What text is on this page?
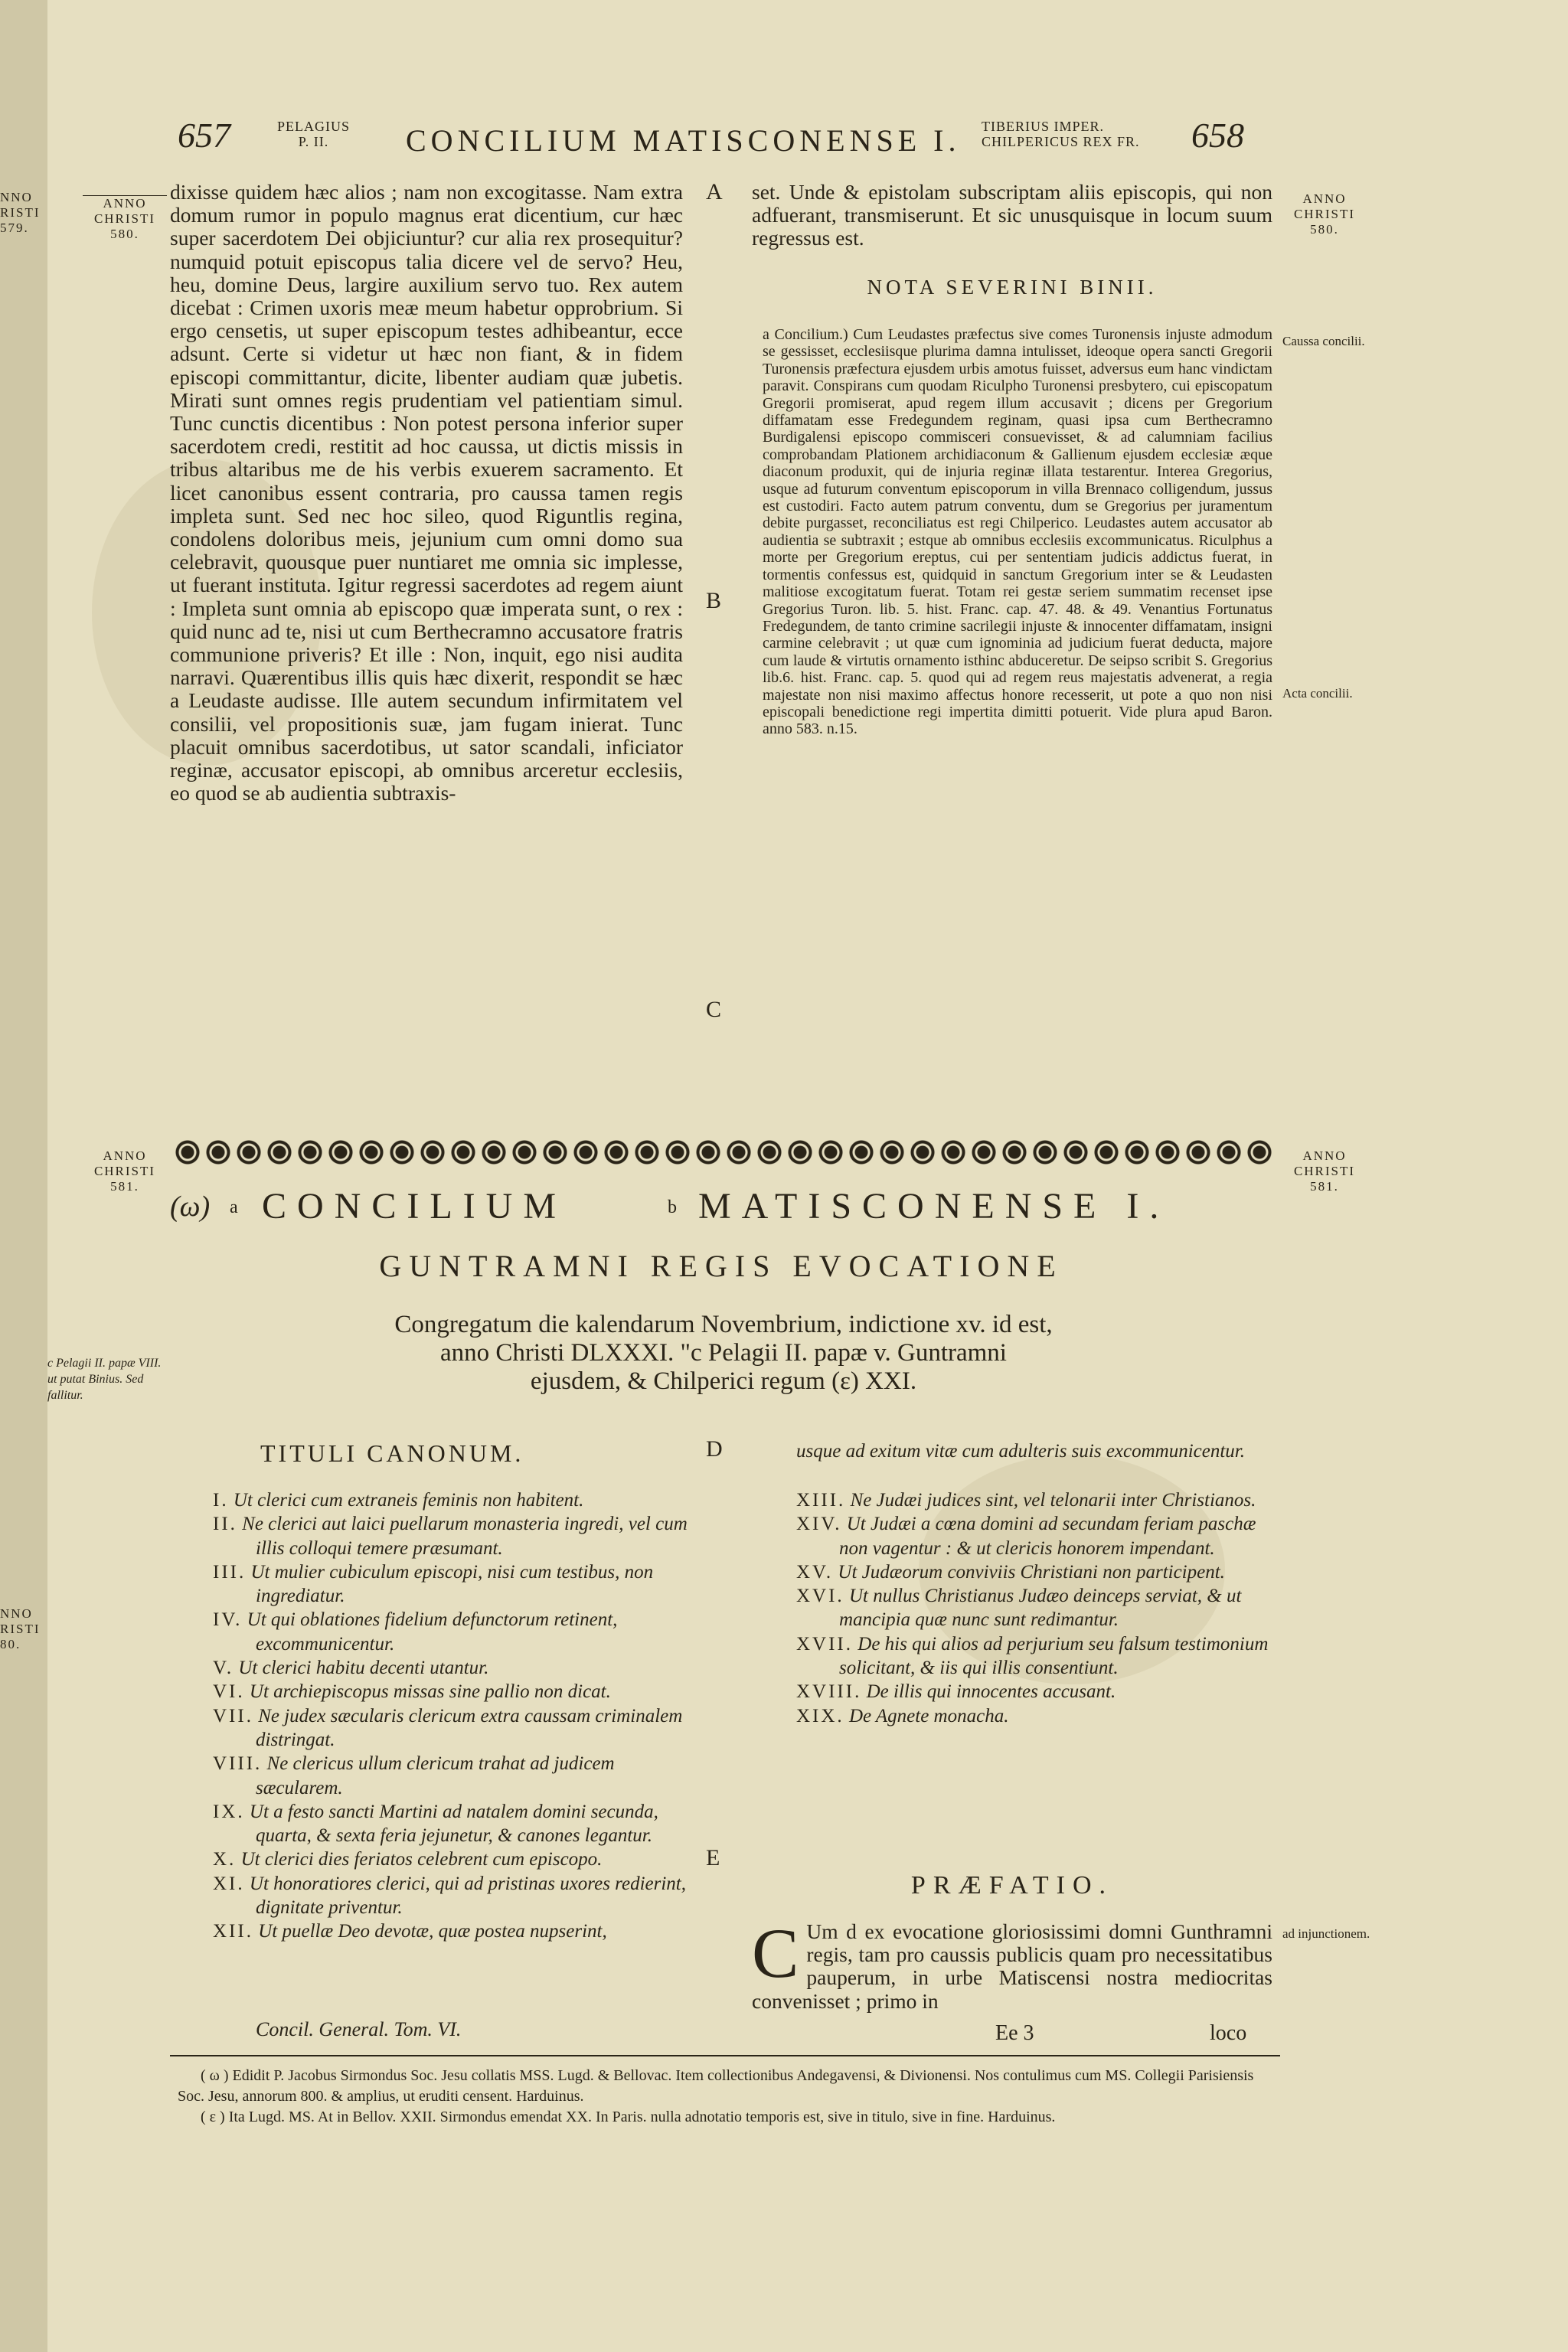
NNO
RISTI
579.
NNO
RISTI
80.
657	PELAGIUS
P. II.	CONCILIUM MATISCONENSE I. TIBERIUS IMPER.
CHILPERICUS REX FR. 658
ANNO
CHRISTI
580.
ANNO
CHRISTI
580.
dixisse quidem hæc alios ; nam non excogitasse. Nam extra domum rumor in populo magnus erat dicentium, cur hæc super sacerdotem Dei objiciuntur? cur alia rex prosequitur? numquid potuit episcopus talia dicere vel de servo? Heu, heu, domine Deus, largire auxilium servo tuo. Rex autem dicebat : Crimen uxoris meæ meum habetur opprobrium. Si ergo censetis, ut super episcopum testes adhibeantur, ecce adsunt. Certe si videtur ut hæc non fiant, & in fidem episcopi committantur, dicite, libenter audiam quæ jubetis. Mirati sunt omnes regis prudentiam vel patientiam simul. Tunc cunctis dicentibus : Non potest persona inferior super sacerdotem credi, restitit ad hoc caussa, ut dictis missis in tribus altaribus me de his verbis exuerem sacramento. Et licet canonibus essent contraria, pro caussa tamen regis impleta sunt. Sed nec hoc sileo, quod Riguntlis regina, condolens doloribus meis, jejunium cum omni domo sua celebravit, quousque puer nuntiaret me omnia sic implesse, ut fuerant instituta. Igitur regressi sacerdotes ad regem aiunt : Impleta sunt omnia ab episcopo quæ imperata sunt, o rex : quid nunc ad te, nisi ut cum Berthecramno accusatore fratris communione priveris? Et ille : Non, inquit, ego nisi audita narravi. Quærentibus illis quis hæc dixerit, respondit se hæc a Leudaste audisse. Ille autem secundum infirmitatem vel consilii, vel propositionis suæ, jam fugam inierat. Tunc placuit omnibus sacerdotibus, ut sator scandali, inficiator reginæ, accusator episcopi, ab omnibus arceretur ecclesiis, eo quod se ab audientia subtraxis-
A
B
C
D
E
set. Unde & epistolam subscriptam aliis episcopis, qui non adfuerant, transmiserunt. Et sic unusquisque in locum suum regressus est.
NOTA SEVERINI BINII.
a Concilium.) Cum Leudastes præfectus sive comes Turonensis injuste admodum se gessisset, ecclesiisque plurima damna intulisset, ideoque opera sancti Gregorii Turonensis præfectura ejusdem urbis amotus fuisset, adversus eum hanc vindictam paravit. Conspirans cum quodam Riculpho Turonensi presbytero, cui episcopatum Gregorii promiserat, apud regem illum accusavit ; dicens per Gregorium diffamatam esse Fredegundem reginam, quasi ipsa cum Berthecramno Burdigalensi episcopo commisceri consuevisset, & ad calumniam facilius comprobandam Plationem archidiaconum & Gallienum ejusdem ecclesiæ æque diaconum produxit, qui de injuria reginæ illata testarentur. Interea Gregorius, usque ad futurum conventum episcoporum in villa Brennaco colligendum, jussus est custodiri. Facto autem patrum conventu, dum se Gregorius per juramentum debite purgasset, reconciliatus est regi Chilperico. Leudastes autem accusator ab audientia se subtraxit ; estque ab omnibus ecclesiis excommunicatus. Riculphus a morte per Gregorium ereptus, cui per sententiam judicis addictus fuerat, in tormentis confessus est, quidquid in sanctum Gregorium inter se & Leudasten malitiose excogitatum fuerat. Totam rei gestæ seriem summatim recenset ipse Gregorius Turon. lib. 5. hist. Franc. cap. 47. 48. & 49. Venantius Fortunatus Fredegundem, de tanto crimine sacrilegii injuste & innocenter diffamatam, insigni carmine celebravit ; ut quæ cum ignominia ad judicium fuerat deducta, majore cum laude & virtutis ornamento isthinc abduceretur. De seipso scribit S. Gregorius lib.6. hist. Franc. cap. 5. quod qui ad regem reus majestatis advenerat, a regia majestate non nisi maximo affectus honore recesserit, ut pote a quo non nisi episcopali benedictione regi impertita dimitti potuerit. Vide plura apud Baron. anno 583. n.15.
Caussa concilii.
Acta concilii.
ANNO
CHRISTI
581.
ANNO
CHRISTI
581.
(ω) a CONCILIUM	b MATISCONENSE I.
GUNTRAMNI REGIS EVOCATIONE
Congregatum die kalendarum Novembrium, indictione xv. id est,
anno Christi DLXXXI. "c Pelagii II. papæ v. Guntramni
ejusdem, & Chilperici regum (ε) XXI.
c Pelagii II. papæ VIII. ut putat Binius. Sed fallitur.
TITULI CANONUM.

I. Ut clerici cum extraneis feminis non habitent.

II. Ne clerici aut laici puellarum monasteria ingredi, vel cum illis colloqui temere præsumant.

III. Ut mulier cubiculum episcopi, nisi cum testibus, non ingrediatur.

IV. Ut qui oblationes fidelium defunctorum retinent, excommunicentur.

V. Ut clerici habitu decenti utantur.

VI. Ut archiepiscopus missas sine pallio non dicat.

VII. Ne judex sæcularis clericum extra caussam criminalem distringat.

VIII. Ne clericus ullum clericum trahat ad judicem sæcularem.

IX. Ut a festo sancti Martini ad natalem domini secunda, quarta, & sexta feria jejunetur, & canones legantur.

X. Ut clerici dies feriatos celebrent cum episcopo.

XI. Ut honoratiores clerici, qui ad pristinas uxores redierint, dignitate priventur.

XII. Ut puellæ Deo devotæ, quæ postea nupserint,

Concil. General. Tom. VI.
usque ad exitum vitæ cum adulteris suis excommunicentur.

XIII. Ne Judæi judices sint, vel telonarii inter Christianos.

XIV. Ut Judæi a cœna domini ad secundam feriam paschæ non vagentur : & ut clericis honorem impendant.

XV. Ut Judæorum conviviis Christiani non participent.

XVI. Ut nullus Christianus Judæo deinceps serviat, & ut mancipia quæ nunc sunt redimantur.

XVII. De his qui alios ad perjurium seu falsum testimonium solicitant, & iis qui illis consentiunt.

XVIII. De illis qui innocentes accusant.

XIX. De Agnete monacha.

PRÆFATIO.
C Um d ex evocatione gloriosissimi domni Gunthramni regis, tam pro caussis publicis quam pro necessitatibus pauperum, in urbe Matiscensi nostra mediocritas convenisset ; primo in
Ee 3	loco
ad injunctionem.
( ω ) Edidit P. Jacobus Sirmondus Soc. Jesu collatis MSS. Lugd. & Bellovac. Item collectionibus Andegavensi, & Divionensi. Nos contulimus cum MS. Collegii Parisiensis Soc. Jesu, annorum 800. & amplius, ut eruditi censent. Harduinus.
( ε ) Ita Lugd. MS. At in Bellov. XXII. Sirmondus emendat XX. In Paris. nulla adnotatio temporis est, sive in titulo, sive in fine. Harduinus.
